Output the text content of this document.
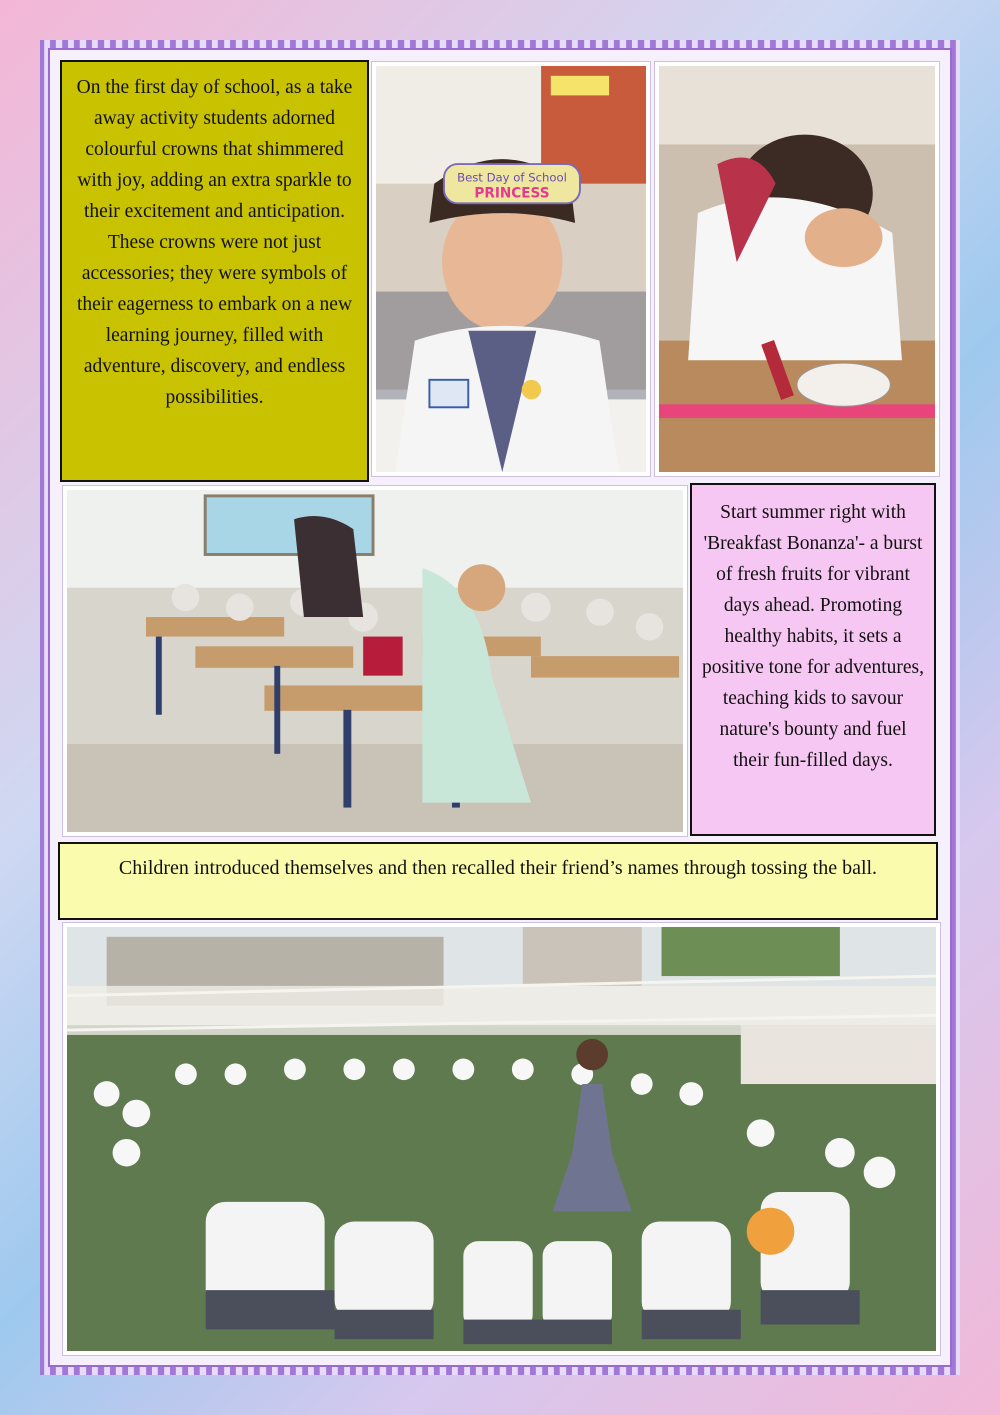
On the first day of school, as a take away activity students adorned colourful crowns that shimmered with joy, adding an extra sparkle to their excitement and anticipation. These crowns were not just accessories; they were symbols of their eagerness to embark on a new learning journey, filled with adventure, discovery, and endless possibilities.
Best Day of School
PRINCESS
Start summer right with 'Breakfast Bonanza'- a burst of fresh fruits for vibrant days ahead. Promoting healthy habits, it sets a positive tone for adventures, teaching kids to savour nature's bounty and fuel their fun-filled days.
Children introduced themselves and then recalled their friend’s names through tossing the ball.
